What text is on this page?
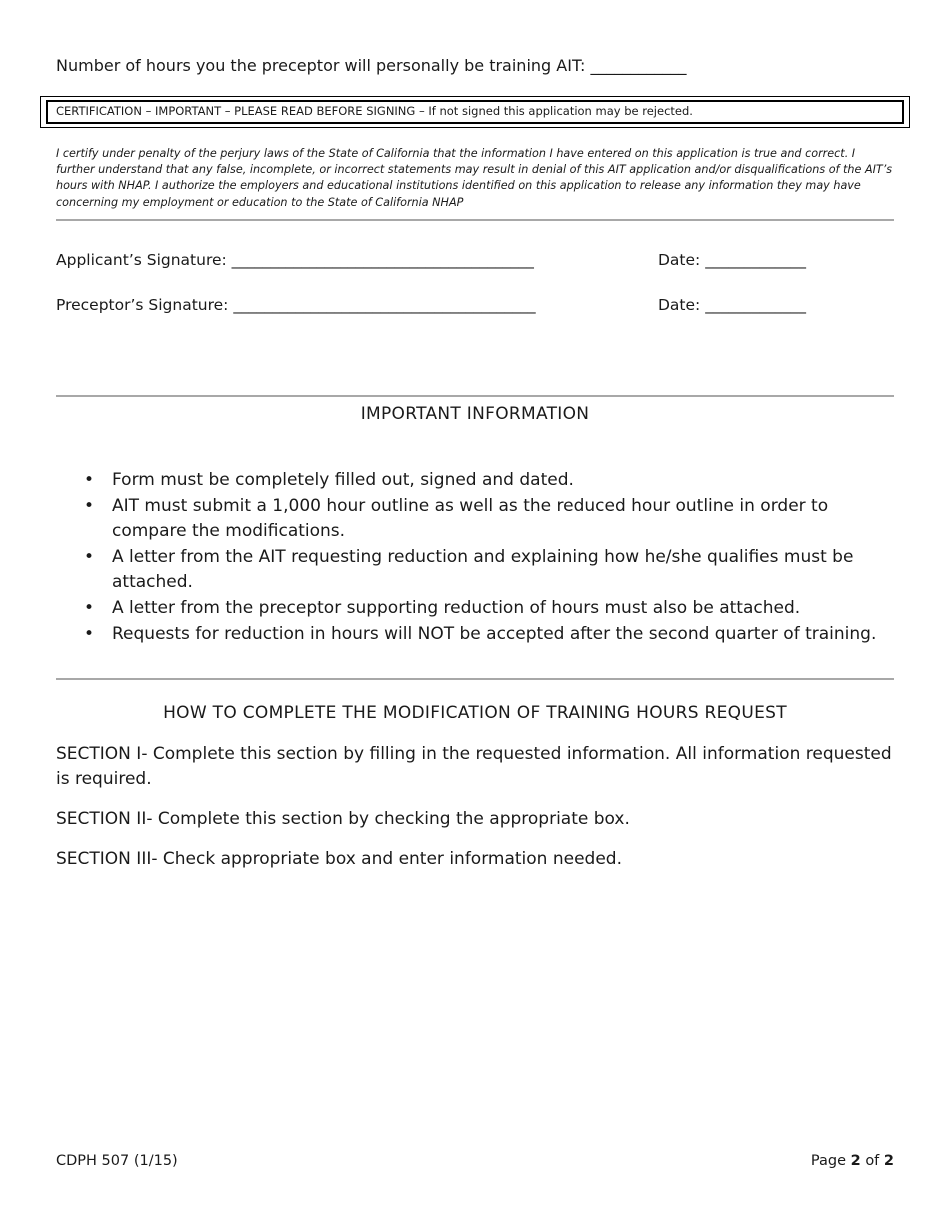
Number of hours you the preceptor will personally be training AIT: ____________
CERTIFICATION – IMPORTANT – PLEASE READ BEFORE SIGNING – If not signed this application may be rejected.
I certify under penalty of the perjury laws of the State of California that the information I have entered on this application is true and correct. I further understand that any false, incomplete, or incorrect statements may result in denial of this AIT application and/or disqualifications of the AIT’s hours with NHAP. I authorize the employers and educational institutions identified on this application to release any information they may have concerning my employment or education to the State of California NHAP
Applicant’s Signature: _______________________________________	Date: _____________
Preceptor’s Signature: _______________________________________	Date: _____________
IMPORTANT INFORMATION
• Form must be completely filled out, signed and dated.
• AIT must submit a 1,000 hour outline as well as the reduced hour outline in order to compare the modifications.
• A letter from the AIT requesting reduction and explaining how he/she qualifies must be attached.
• A letter from the preceptor supporting reduction of hours must also be attached.
• Requests for reduction in hours will NOT be accepted after the second quarter of training.
HOW TO COMPLETE THE MODIFICATION OF TRAINING HOURS REQUEST
SECTION I- Complete this section by filling in the requested information. All information requested is required.
SECTION II- Complete this section by checking the appropriate box.
SECTION III- Check appropriate box and enter information needed.
CDPH 507 (1/15)	Page 2 of 2
